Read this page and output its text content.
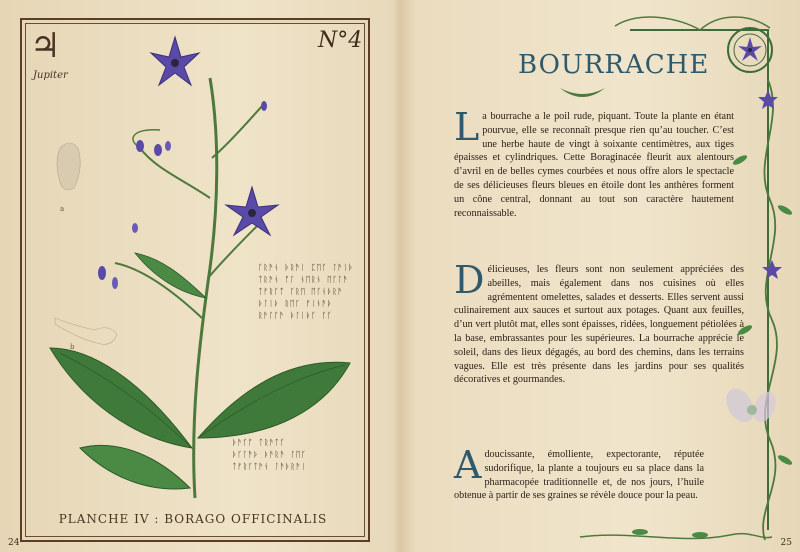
♃
Jupiter
N°4
a
b
ᚴᚱᚫᚾ ᚦᚱᚫᛁ ᛈᛖᚴ ᛚᚫᛁᚦ
ᛏᚱᚫᚾ ᚩᛚ ᚾᛖᚱᚾ ᛖᚴᛚᚫ
ᛏᚠᚱᚴᛏ ᚴᚱᛖ ᛖᚴᚾᚦᚱᚫ
ᚦᛚᛁᚦ ᚱᛖᚴ ᚠᛁᚾᚫᚦ
ᚱᚫᛚᚴᚫ ᚦᛚᛁᚦᚴ ᚴᚴ
ᚦᚫᚴᚩ ᛏᚱᚫᛏᚴ
ᚦᚴᛚᚫᚦ ᚦᚫᚱᚫ ᛚᛖᚴ
ᛏᚠᚱᚴᛏᚫᚾ ᛚᚫᚦᚱᚫᛁ
PLANCHE IV : BORAGO OFFICINALIS
24
BOURRACHE
La bourrache a le poil rude, piquant. Toute la plante en étant pourvue, elle se reconnaît presque rien qu’au toucher. C’est une herbe haute de vingt à soixante centimètres, aux tiges épaisses et cylindriques. Cette Boraginacée fleurit aux alentours d’avril en de belles cymes courbées et nous offre alors le spectacle de ses délicieuses fleurs bleues en étoile dont les anthères forment un cône central, donnant au tout son caractère hautement reconnaissable.
Délicieuses, les fleurs sont non seulement appréciées des abeilles, mais également dans nos cuisines où elles agrémentent omelettes, salades et desserts. Elles servent aussi culinairement aux sauces et surtout aux potages. Quant aux feuilles, d’un vert plutôt mat, elles sont épaisses, ridées, longuement pétiolées à la base, embrassantes pour les supérieures. La bourrache apprécie le soleil, dans des lieux dégagés, au bord des chemins, dans les terrains vagues. Elle est très présente dans les jardins pour ses qualités décoratives et gourmandes.
Adoucissante, émolliente, expectorante, réputée sudorifique, la plante a toujours eu sa place dans la pharmacopée traditionnelle et, de nos jours, l’huile obtenue à partir de ses graines se révèle douce pour la peau.
25
